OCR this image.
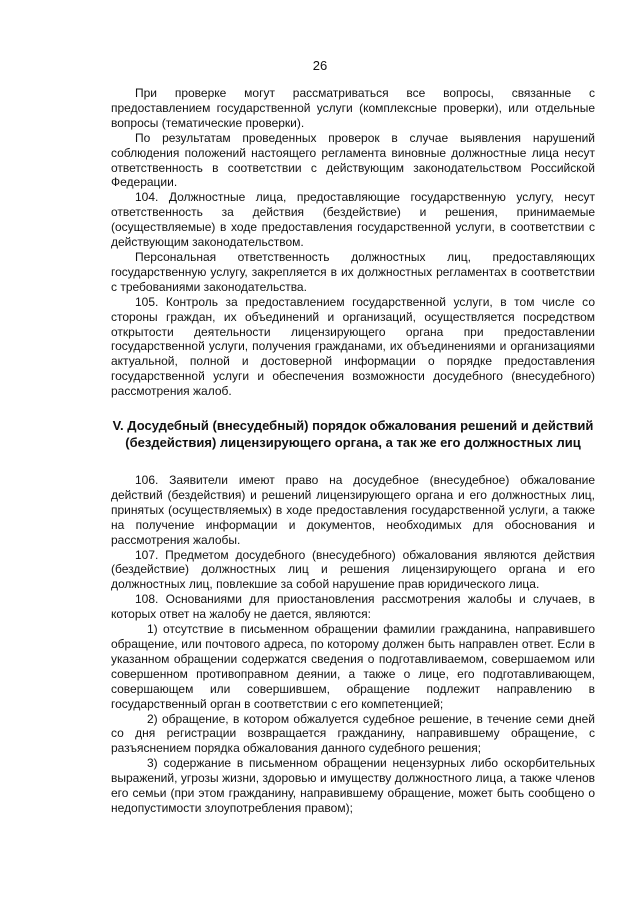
26

При проверке могут рассматриваться все вопросы, связанные с предоставлением государственной услуги (комплексные проверки), или отдельные вопросы (тематические проверки).

По результатам проведенных проверок в случае выявления нарушений соблюдения положений настоящего регламента виновные должностные лица несут ответственность в соответствии с действующим законодательством Российской Федерации.

104. Должностные лица, предоставляющие государственную услугу, несут ответственность за действия (бездействие) и решения, принимаемые (осуществляемые) в ходе предоставления государственной услуги, в соответствии с действующим законодательством.

Персональная ответственность должностных лиц, предоставляющих государственную услугу, закрепляется в их должностных регламентах в соответствии с требованиями законодательства.

105. Контроль за предоставлением государственной услуги, в том числе со стороны граждан, их объединений и организаций, осуществляется посредством открытости деятельности лицензирующего органа при предоставлении государственной услуги, получения гражданами, их объединениями и организациями актуальной, полной и достоверной информации о порядке предоставления государственной услуги и обеспечения возможности досудебного (внесудебного) рассмотрения жалоб.

V. Досудебный (внесудебный) порядок обжалования решений и действий
(бездействия) лицензирующего органа, а так же его должностных лиц

106. Заявители имеют право на досудебное (внесудебное) обжалование действий (бездействия) и решений лицензирующего органа и его должностных лиц, принятых (осуществляемых) в ходе предоставления государственной услуги, а также на получение информации и документов, необходимых для обоснования и рассмотрения жалобы.

107. Предметом досудебного (внесудебного) обжалования являются действия (бездействие) должностных лиц и решения лицензирующего органа и его должностных лиц, повлекшие за собой нарушение прав юридического лица.

108. Основаниями для приостановления рассмотрения жалобы и случаев, в которых ответ на жалобу не дается, являются:

1) отсутствие в письменном обращении фамилии гражданина, направившего обращение, или почтового адреса, по которому должен быть направлен ответ. Если в указанном обращении содержатся сведения о подготавливаемом, совершаемом или совершенном противоправном деянии, а также о лице, его подготавливающем, совершающем или совершившем, обращение подлежит направлению в государственный орган в соответствии с его компетенцией;

2) обращение, в котором обжалуется судебное решение, в течение семи дней со дня регистрации возвращается гражданину, направившему обращение, с разъяснением порядка обжалования данного судебного решения;

3) содержание в письменном обращении нецензурных либо оскорбительных выражений, угрозы жизни, здоровью и имуществу должностного лица, а также членов его семьи (при этом гражданину, направившему обращение, может быть сообщено о недопустимости злоупотребления правом);
